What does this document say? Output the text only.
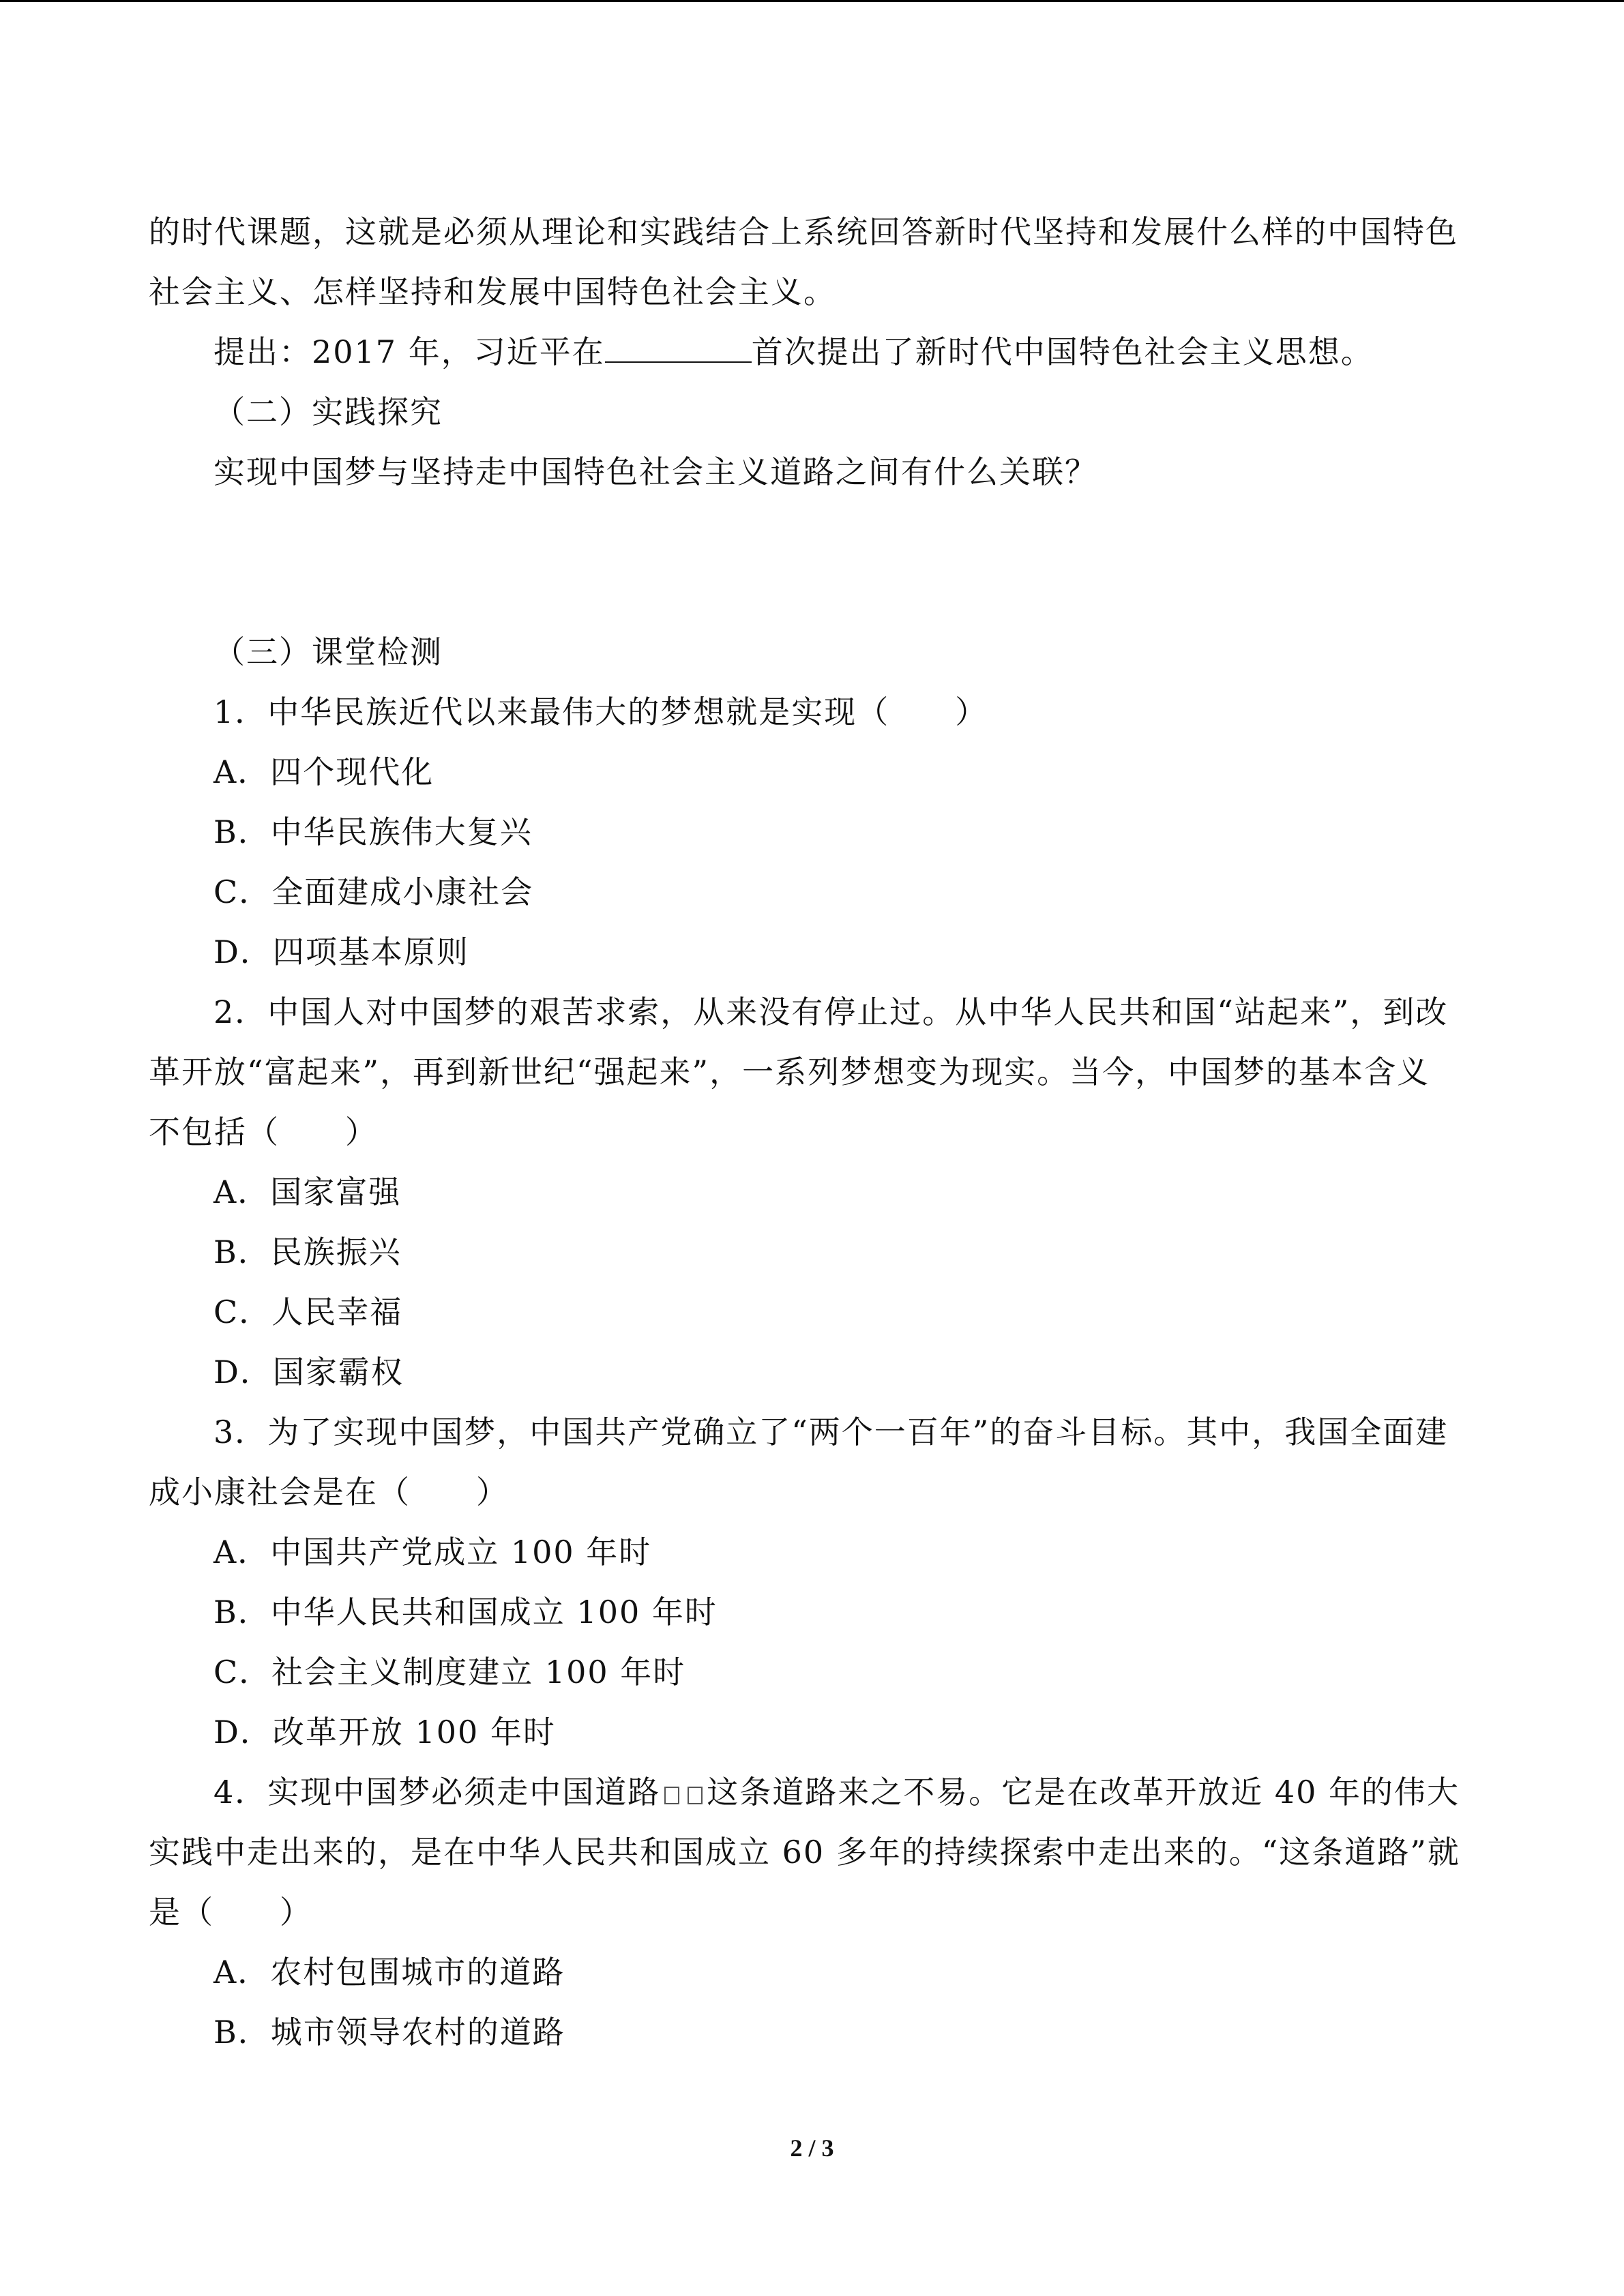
的时代课题，这就是必须从理论和实践结合上系统回答新时代坚持和发展什么样的中国特色
社会主义、怎样坚持和发展中国特色社会主义。
提出：2017 年，习近平在	首次提出了新时代中国特色社会主义思想。
（二）实践探究
实现中国梦与坚持走中国特色社会主义道路之间有什么关联？
（三）课堂检测
1．中华民族近代以来最伟大的梦想就是实现（　　）
A．四个现代化
B．中华民族伟大复兴
C．全面建成小康社会
D．四项基本原则
2．中国人对中国梦的艰苦求索，从来没有停止过。从中华人民共和国“站起来”，到改
革开放“富起来”，再到新世纪“强起来”，一系列梦想变为现实。当今，中国梦的基本含义
不包括（　　）
A．国家富强
B．民族振兴
C．人民幸福
D．国家霸权
3．为了实现中国梦，中国共产党确立了“两个一百年”的奋斗目标。其中，我国全面建
成小康社会是在（　　）
A．中国共产党成立 100 年时
B．中华人民共和国成立 100 年时
C．社会主义制度建立 100 年时
D．改革开放 100 年时
4．实现中国梦必须走中国道路 这条道路来之不易。它是在改革开放近 40 年的伟大
实践中走出来的，是在中华人民共和国成立 60 多年的持续探索中走出来的。“这条道路”就
是（　　）
A．农村包围城市的道路
B．城市领导农村的道路
2 / 3
